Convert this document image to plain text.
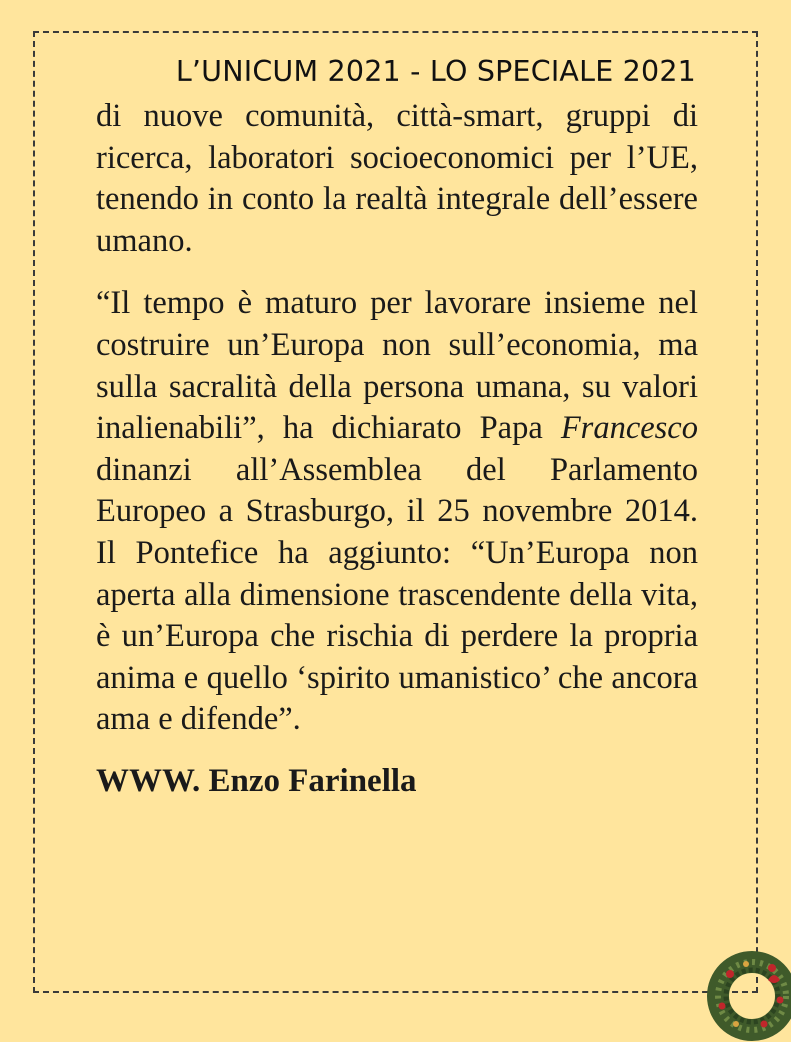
L’UNICUM 2021 - LO SPECIALE 2021

di nuove comunità, città-smart, gruppi di ricerca, laboratori socioeconomici per l’UE, tenendo in conto la realtà integrale dell’essere umano.

“Il tempo è maturo per lavorare insieme nel costruire un’Europa non sull’economia, ma sulla sacralità della persona umana, su valori inalienabili”, ha dichiarato Papa Francesco dinanzi all’Assemblea del Parlamento Europeo a Strasburgo, il 25 novembre 2014. Il Pontefice ha aggiunto: “Un’Europa non aperta alla dimensione trascendente della vita, è un’Europa che rischia di perdere la propria anima e quello ‘spirito umanistico’ che ancora ama e difende”.

WWW. Enzo Farinella
